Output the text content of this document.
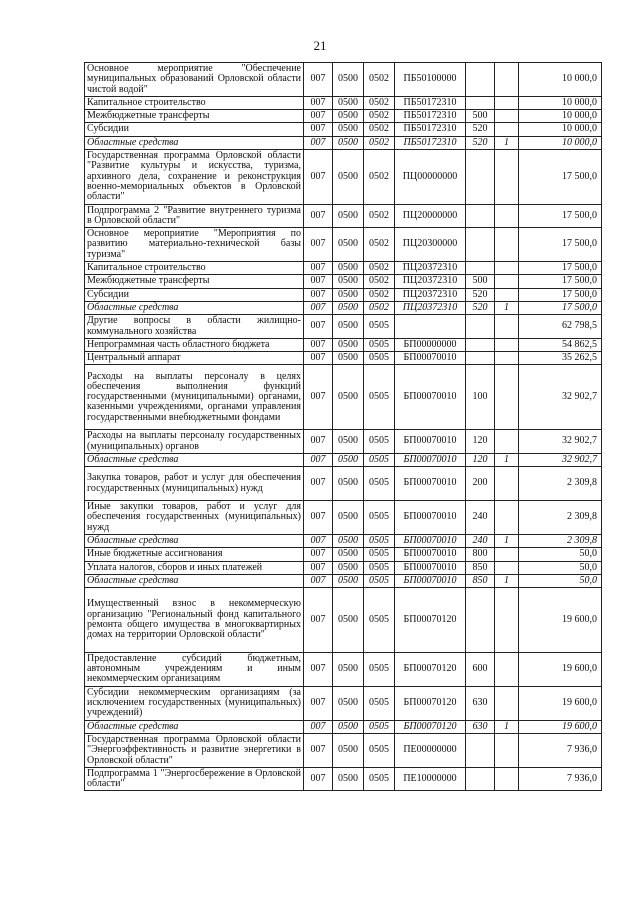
21
Основное мероприятие "Обеспечение муниципальных образований Орловской области чистой водой"	007	0500	0502	ПБ50100000			10 000,0
Капитальное строительство	007	0500	0502	ПБ50172310			10 000,0
Межбюджетные трансферты	007	0500	0502	ПБ50172310	500		10 000,0
Субсидии	007	0500	0502	ПБ50172310	520		10 000,0
Областные средства	007	0500	0502	ПБ50172310	520	1	10 000,0
Государственная программа Орловской области "Развитие культуры и искусства, туризма, архивного дела, сохранение и реконструкция военно-мемориальных объектов в Орловской области"	007	0500	0502	ПЦ00000000			17 500,0
Подпрограмма 2 "Развитие внутреннего туризма в Орловской области"	007	0500	0502	ПЦ20000000			17 500,0
Основное мероприятие "Мероприятия по развитию материально-технической базы туризма"	007	0500	0502	ПЦ20300000			17 500,0
Капитальное строительство	007	0500	0502	ПЦ20372310			17 500,0
Межбюджетные трансферты	007	0500	0502	ПЦ20372310	500		17 500,0
Субсидии	007	0500	0502	ПЦ20372310	520		17 500,0
Областные средства	007	0500	0502	ПЦ20372310	520	1	17 500,0
Другие вопросы в области жилищно-коммунального хозяйства	007	0500	0505				62 798,5
Непрограммная часть областного бюджета	007	0500	0505	БП00000000			54 862,5
Центральный аппарат	007	0500	0505	БП00070010			35 262,5
Расходы на выплаты персоналу в целях обеспечения выполнения функций государственными (муниципальными) органами, казенными учреждениями, органами управления государственными внебюджетными фондами	007	0500	0505	БП00070010	100		32 902,7
Расходы на выплаты персоналу государственных (муниципальных) органов	007	0500	0505	БП00070010	120		32 902,7
Областные средства	007	0500	0505	БП00070010	120	1	32 902,7
Закупка товаров, работ и услуг для обеспечения государственных (муниципальных) нужд	007	0500	0505	БП00070010	200		2 309,8
Иные закупки товаров, работ и услуг для обеспечения государственных (муниципальных) нужд	007	0500	0505	БП00070010	240		2 309,8
Областные средства	007	0500	0505	БП00070010	240	1	2 309,8
Иные бюджетные ассигнования	007	0500	0505	БП00070010	800		50,0
Уплата налогов, сборов и иных платежей	007	0500	0505	БП00070010	850		50,0
Областные средства	007	0500	0505	БП00070010	850	1	50,0
Имущественный взнос в некоммерческую организацию "Региональный фонд капитального ремонта общего имущества в многоквартирных домах на территории Орловской области"	007	0500	0505	БП00070120			19 600,0
Предоставление субсидий бюджетным, автономным учреждениям и иным некоммерческим организациям	007	0500	0505	БП00070120	600		19 600,0
Субсидии некоммерческим организациям (за исключением государственных (муниципальных) учреждений)	007	0500	0505	БП00070120	630		19 600,0
Областные средства	007	0500	0505	БП00070120	630	1	19 600,0
Государственная программа Орловской области "Энергоэффективность и развитие энергетики в Орловской области"	007	0500	0505	ПЕ00000000			7 936,0
Подпрограмма 1 "Энергосбережение в Орловской области"	007	0500	0505	ПЕ10000000			7 936,0
